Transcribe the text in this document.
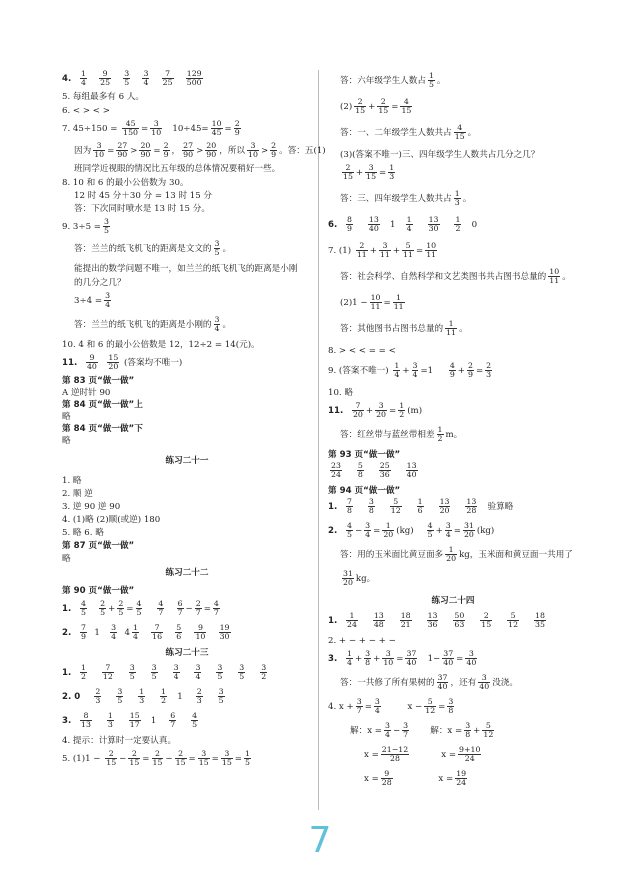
4. $\frac{1}{4}$
$\frac{9}{25}$
$\frac{3}{5}$
$\frac{3}{4}$
$\frac{7}{25}$
$\frac{129}{500}$
5. 每组最多有 6 人。
6. < > < >
7. $45\div 150 = \frac{45}{150} = \frac{3}{10} 10\div 45= \frac{10}{45} = \frac{2}{9}$
因为 $\frac{3}{10} = \frac{27}{90} > \frac{20}{90} = \frac{2}{9}$ ， $\frac{27}{90} > \frac{20}{90}$ ，所以 $\frac{3}{10} > \frac{2}{9}$ 。答：五(1)
班同学近视眼的情况比五年级的总体情况要稍好一些。
8. 10 和 6 的最小公倍数为 30。
12 时 45 分＋30 分 = 13 时 15 分
答：下次同时喷水是 13 时 15 分。
9. $3\div 5 = \frac{3}{5}$
答：兰兰的纸飞机飞的距离是文文的 $\frac{3}{5}$ 。
能提出的数学问题不唯一，如兰兰的纸飞机飞的距离是小刚
的几分之几？
$3\div 4 = \frac{3}{4}$
答：兰兰的纸飞机飞的距离是小刚的 $\frac{3}{4}$ 。
10. 4 和 6 的最小公倍数是 12，12÷2 = 14(元)。
11. $\frac{9}{40}$
$\frac{15}{20}$ (答案均不唯一)
第 83 页“做一做”
A 逆时针 90
第 84 页“做一做”上
略
第 84 页“做一做”下
略
练习二十一
1. 略
2. 顺 逆
3. 逆 90 逆 90
4. (1)略 (2)顺(或逆) 180
5. 略 6. 略
第 87 页“做一做”
略
练习二十二
第 90 页“做一做”
1. $\frac{4}{5}$
$\frac{2}{5} + \frac{2}{5} = \frac{4}{5}$
$\frac{4}{7}$
$\frac{6}{7} - \frac{2}{7} = \frac{4}{7}$
2. $\frac{7}{9} 1 \frac{3}{4} 4 \frac{1}{4}$
$\frac{7}{16}$
$\frac{5}{6}$
$\frac{9}{10}$
$\frac{19}{30}$
练习二十三
1. $\frac{1}{2}$
$\frac{7}{12}$
$\frac{3}{5}$
$\frac{3}{5}$
$\frac{3}{4}$
$\frac{3}{4}$
$\frac{3}{5}$
$\frac{3}{5}$
$\frac{3}{2}$
2. $0 \frac{2}{3}$
$\frac{3}{5}$
$\frac{1}{3}$
$\frac{1}{2} 1 \frac{2}{3}$
$\frac{3}{5}$
3. $\frac{8}{13}$
$\frac{1}{3}$
$\frac{15}{17} 1 \frac{6}{7}$
$\frac{4}{5}$
4. 提示：计算时一定要认真。
5. $(1)1 - \frac{2}{15} - \frac{2}{15} = \frac{2}{15} - \frac{2}{15} = \frac{3}{15} = \frac{3}{15} = \frac{1}{5}$
答：六年级学生人数占 $\frac{1}{5}$ 。
$(2) \frac{2}{15} + \frac{2}{15} = \frac{4}{15}$
答：一、二年级学生人数共占 $\frac{4}{15}$ 。
(3)(答案不唯一)三、四年级学生人数共占几分之几？
$\frac{2}{15} + \frac{3}{15} = \frac{1}{3}$
答：三、四年级学生人数共占 $\frac{1}{3}$ 。
6. $\frac{8}{9}$
$\frac{13}{40} 1 \frac{1}{4}$
$\frac{13}{30}$
$\frac{1}{2} 0$
7. $(1) \frac{2}{11} + \frac{3}{11} + \frac{5}{11} = \frac{10}{11}$
答：社会科学、自然科学和文艺类图书共占图书总量的 $\frac{10}{11}$ 。
$(2)1 - \frac{10}{11} = \frac{1}{11}$
答：其他图书占图书总量的 $\frac{1}{11}$ 。
8. > < < = = <
9. (答案不唯一) $\frac{1}{4} + \frac{3}{4} =1 \frac{4}{9} + \frac{2}{9} = \frac{2}{3}$
10. 略
11. $\frac{7}{20} + \frac{3}{20} = \frac{1}{2} (m)$
答：红丝带与蓝丝带相差 $\frac{1}{2}$ m。
第 93 页“做一做”
$\frac{23}{24}$
$\frac{5}{8}$
$\frac{25}{36}$
$\frac{13}{40}$
第 94 页“做一做”
1. $\frac{7}{8}$
$\frac{3}{8}$
$\frac{5}{12}$
$\frac{1}{6}$
$\frac{13}{20}$
$\frac{13}{28}$ 验算略
2. $\frac{4}{5} - \frac{3}{4} = \frac{1}{20} (kg) \frac{4}{5} + \frac{3}{4} = \frac{31}{20} (kg)$
答：用的玉米面比黄豆面多 $\frac{1}{20}$ kg，玉米面和黄豆面一共用了
$\frac{31}{20}$ kg。
练习二十四
1. $\frac{1}{24}$
$\frac{13}{48}$
$\frac{18}{21}$
$\frac{13}{36}$
$\frac{50}{63}$
$\frac{2}{15}$
$\frac{5}{12}$
$\frac{18}{35}$
2. + − + − + −
3. $\frac{1}{4} + \frac{3}{8} + \frac{3}{10} = \frac{37}{40} 1- \frac{37}{40} = \frac{3}{40}$
答：一共修了所有果树的 $\frac{37}{40}$ ，还有 $\frac{3}{40}$ 没浇。
4. $x + \frac{3}{7} = \frac{3}{4}$	$x - \frac{5}{12} = \frac{3}{8}$
解：$x = \frac{3}{4} - \frac{3}{7}$ 解：$x = \frac{3}{8} + \frac{5}{12}$
$x = \frac{21-12}{28}$	$x = \frac{9+10}{24}$
$x = \frac{9}{28}$	$x = \frac{19}{24}$
7
